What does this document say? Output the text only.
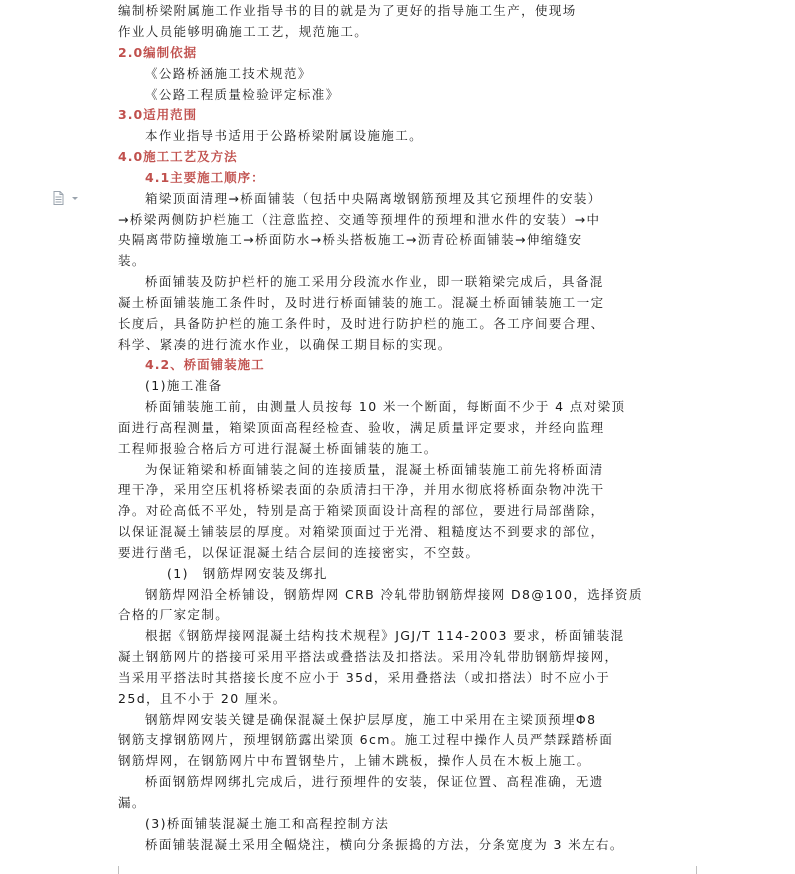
编制桥梁附属施工作业指导书的目的就是为了更好的指导施工生产，使现场
作业人员能够明确施工工艺，规范施工。
2.0编制依据
《公路桥涵施工技术规范》
《公路工程质量检验评定标准》
3.0适用范围
本作业指导书适用于公路桥梁附属设施施工。
4.0施工工艺及方法
4.1主要施工顺序：
箱梁顶面清理→桥面铺装（包括中央隔离墩钢筋预埋及其它预埋件的安装）
→桥梁两侧防护栏施工（注意监控、交通等预埋件的预埋和泄水件的安装）→中
央隔离带防撞墩施工→桥面防水→桥头搭板施工→沥青砼桥面铺装→伸缩缝安
装。
桥面铺装及防护栏杆的施工采用分段流水作业，即一联箱梁完成后，具备混
凝土桥面铺装施工条件时，及时进行桥面铺装的施工。混凝土桥面铺装施工一定
长度后，具备防护栏的施工条件时，及时进行防护栏的施工。各工序间要合理、
科学、紧凑的进行流水作业，以确保工期目标的实现。
4.2、桥面铺装施工
(1)施工准备
桥面铺装施工前，由测量人员按每 10 米一个断面，每断面不少于 4 点对梁顶
面进行高程测量，箱梁顶面高程经检查、验收，满足质量评定要求，并经向监理
工程师报验合格后方可进行混凝土桥面铺装的施工。
为保证箱梁和桥面铺装之间的连接质量，混凝土桥面铺装施工前先将桥面清
理干净，采用空压机将桥梁表面的杂质清扫干净，并用水彻底将桥面杂物冲洗干
净。对砼高低不平处，特别是高于箱梁顶面设计高程的部位，要进行局部凿除，
以保证混凝土铺装层的厚度。对箱梁顶面过于光滑、粗糙度达不到要求的部位，
要进行凿毛，以保证混凝土结合层间的连接密实，不空鼓。
(1)　钢筋焊网安装及绑扎
钢筋焊网沿全桥铺设，钢筋焊网 CRB 冷轧带肋钢筋焊接网 D8@100，选择资质
合格的厂家定制。
根据《钢筋焊接网混凝土结构技术规程》JGJ/T 114-2003 要求，桥面铺装混
凝土钢筋网片的搭接可采用平搭法或叠搭法及扣搭法。采用冷轧带肋钢筋焊接网，
当采用平搭法时其搭接长度不应小于 35d，采用叠搭法（或扣搭法）时不应小于
25d，且不小于 20 厘米。
钢筋焊网安装关键是确保混凝土保护层厚度，施工中采用在主梁顶预埋Φ8
钢筋支撑钢筋网片，预埋钢筋露出梁顶 6cm。施工过程中操作人员严禁踩踏桥面
钢筋焊网，在钢筋网片中布置钢垫片，上铺木跳板，操作人员在木板上施工。
桥面钢筋焊网绑扎完成后，进行预埋件的安装，保证位置、高程准确，无遗
漏。
(3)桥面铺装混凝土施工和高程控制方法
桥面铺装混凝土采用全幅烧注，横向分条振捣的方法，分条宽度为 3 米左右。
